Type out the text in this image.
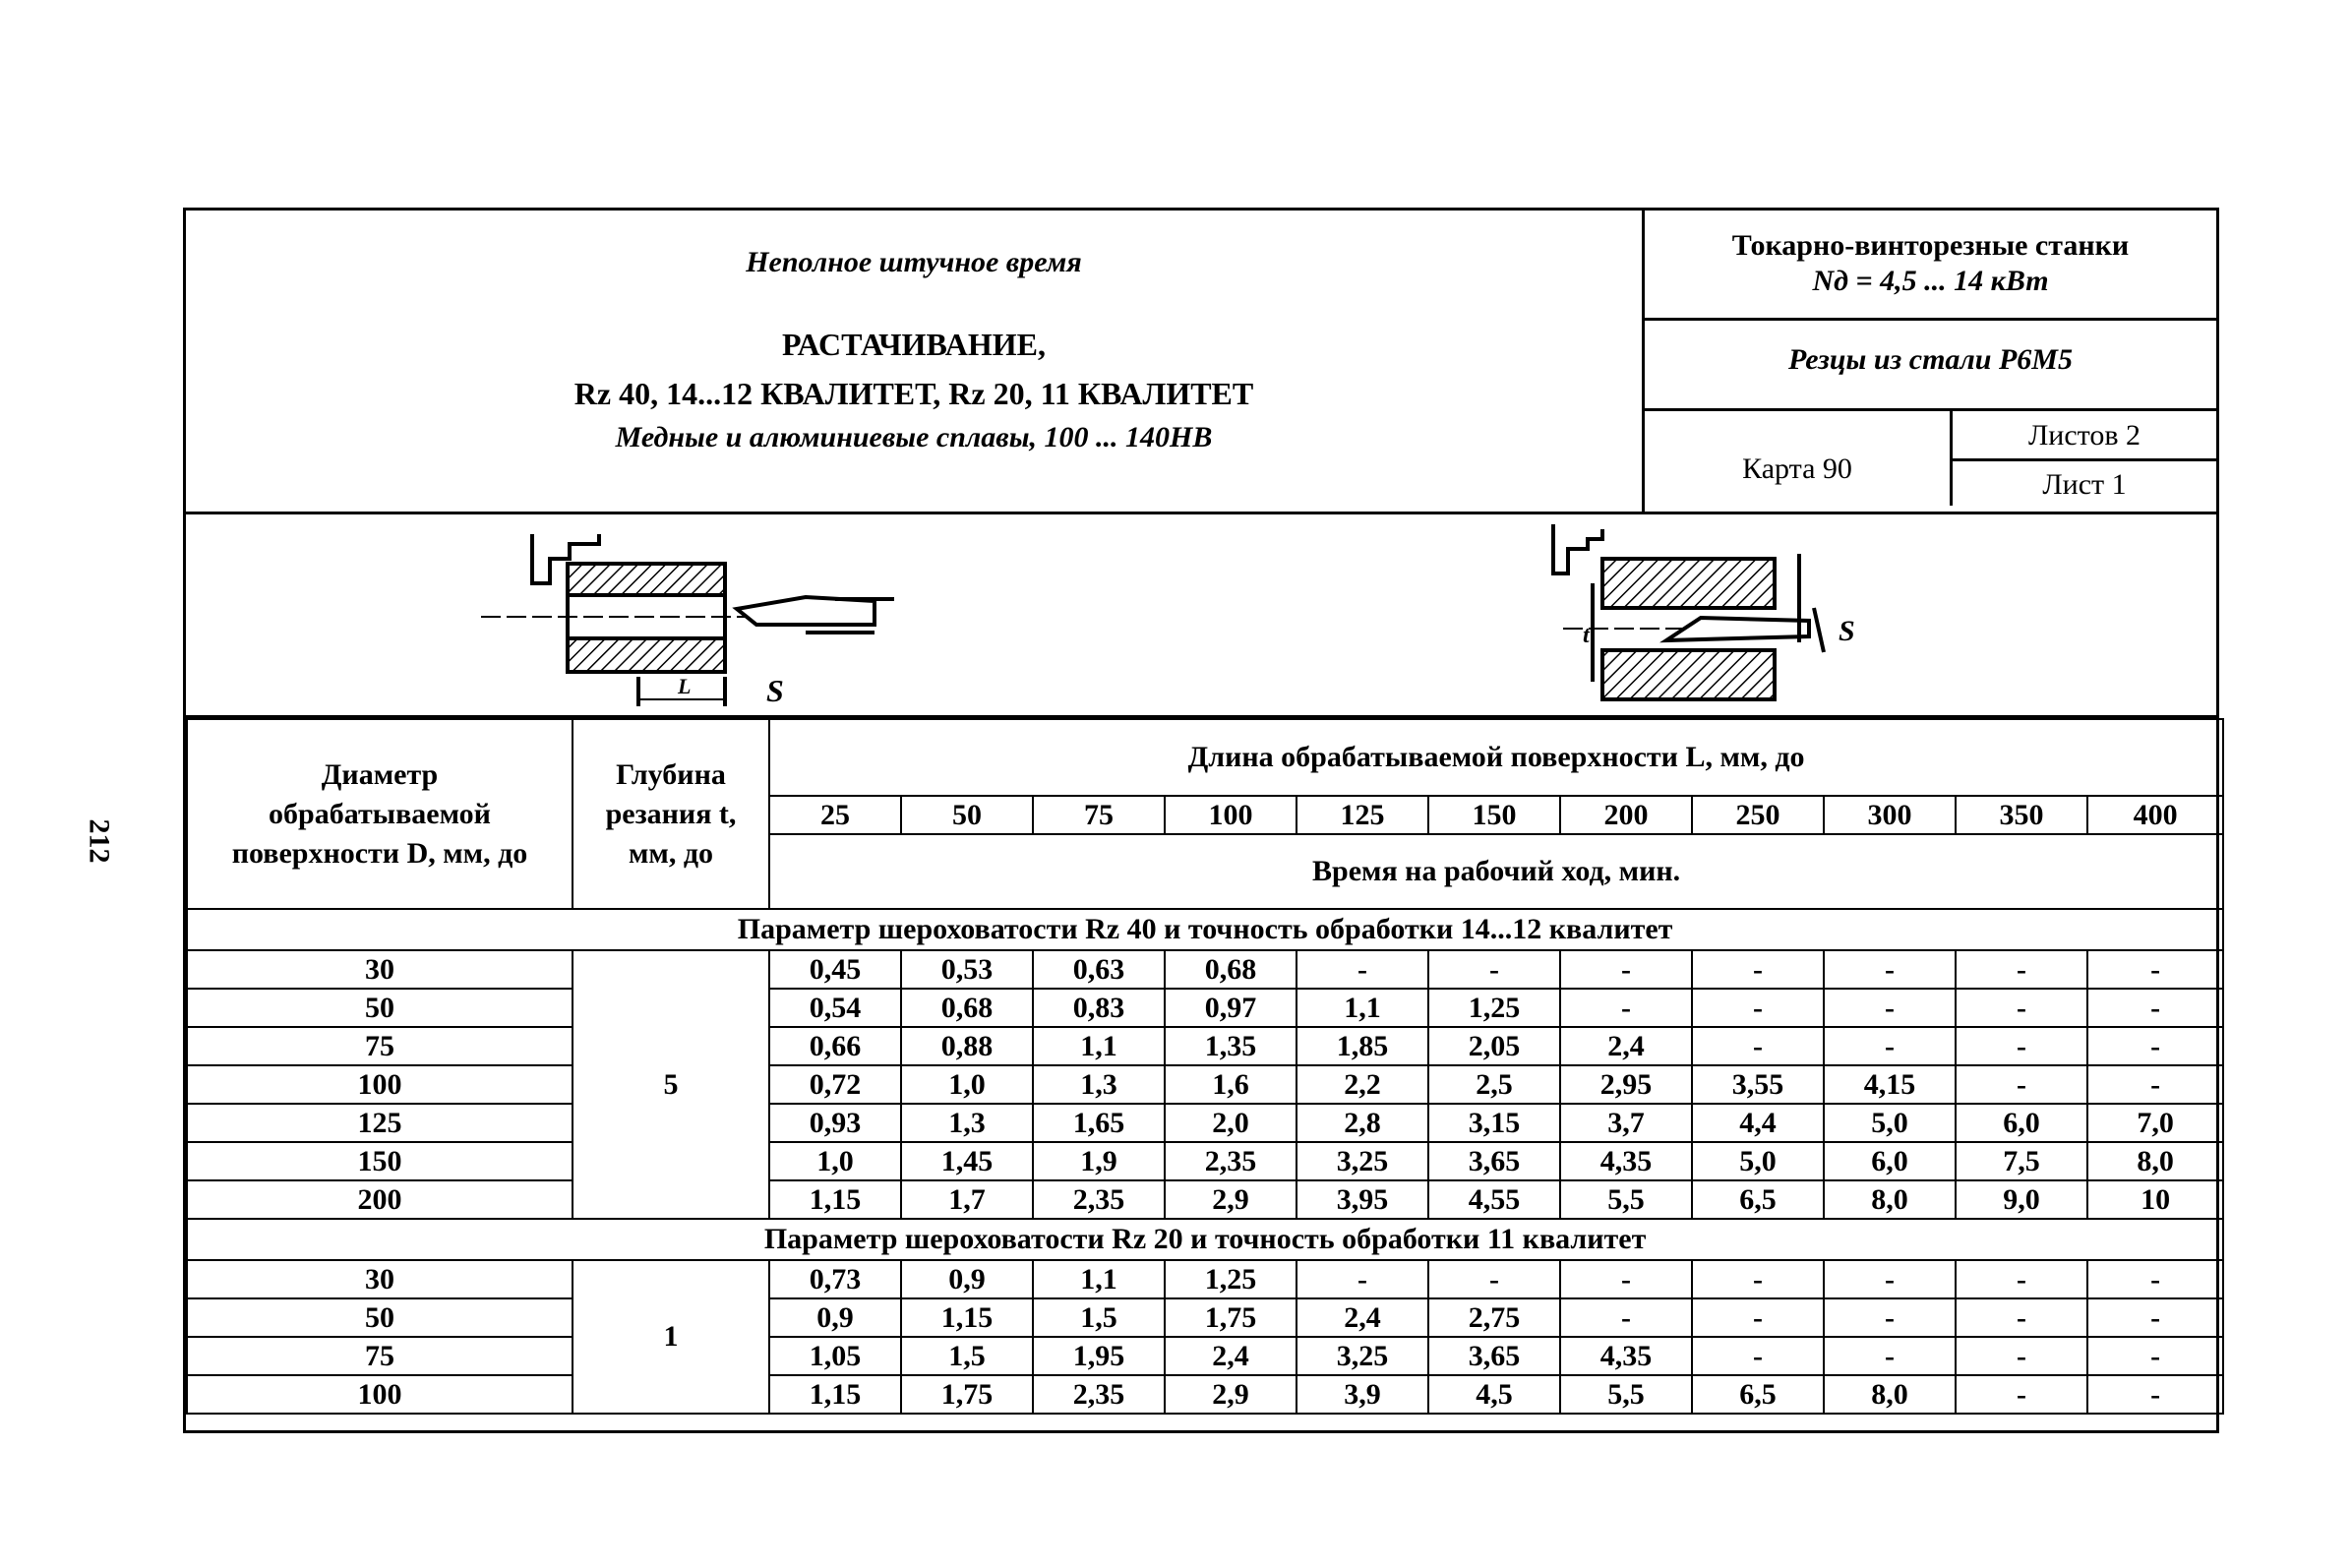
212
Неполное штучное время
РАСТАЧИВАНИЕ,
Rz 40, 14...12 КВАЛИТЕТ, Rz 20, 11 КВАЛИТЕТ
Медные и алюминиевые сплавы, 100 ... 140HB
Токарно-винторезные станки
Nд = 4,5 ... 14 кВт
Резцы из стали Р6М5
Карта 90
Листов 2
Лист 1
L S
t	S
Диаметр обрабатываемой поверхности D, мм, до	Глубина резания t, мм, до	Длина обрабатываемой поверхности L, мм, до										
		25	50	75	100	125	150	200	250	300	350	400
		Время на рабочий ход, мин.										
Параметр шероховатости Rz 40 и точность обработки 14...12 квалитет												
30	5	0,45	0,53	0,63	0,68	-	-	-	-	-	-	-
50		0,54	0,68	0,83	0,97	1,1	1,25	-	-	-	-	-
75		0,66	0,88	1,1	1,35	1,85	2,05	2,4	-	-	-	-
100		0,72	1,0	1,3	1,6	2,2	2,5	2,95	3,55	4,15	-	-
125		0,93	1,3	1,65	2,0	2,8	3,15	3,7	4,4	5,0	6,0	7,0
150		1,0	1,45	1,9	2,35	3,25	3,65	4,35	5,0	6,0	7,5	8,0
200		1,15	1,7	2,35	2,9	3,95	4,55	5,5	6,5	8,0	9,0	10
Параметр шероховатости Rz 20 и точность обработки 11 квалитет												
30	1	0,73	0,9	1,1	1,25	-	-	-	-	-	-	-
50		0,9	1,15	1,5	1,75	2,4	2,75	-	-	-	-	-
75		1,05	1,5	1,95	2,4	3,25	3,65	4,35	-	-	-	-
100		1,15	1,75	2,35	2,9	3,9	4,5	5,5	6,5	8,0	-	-
